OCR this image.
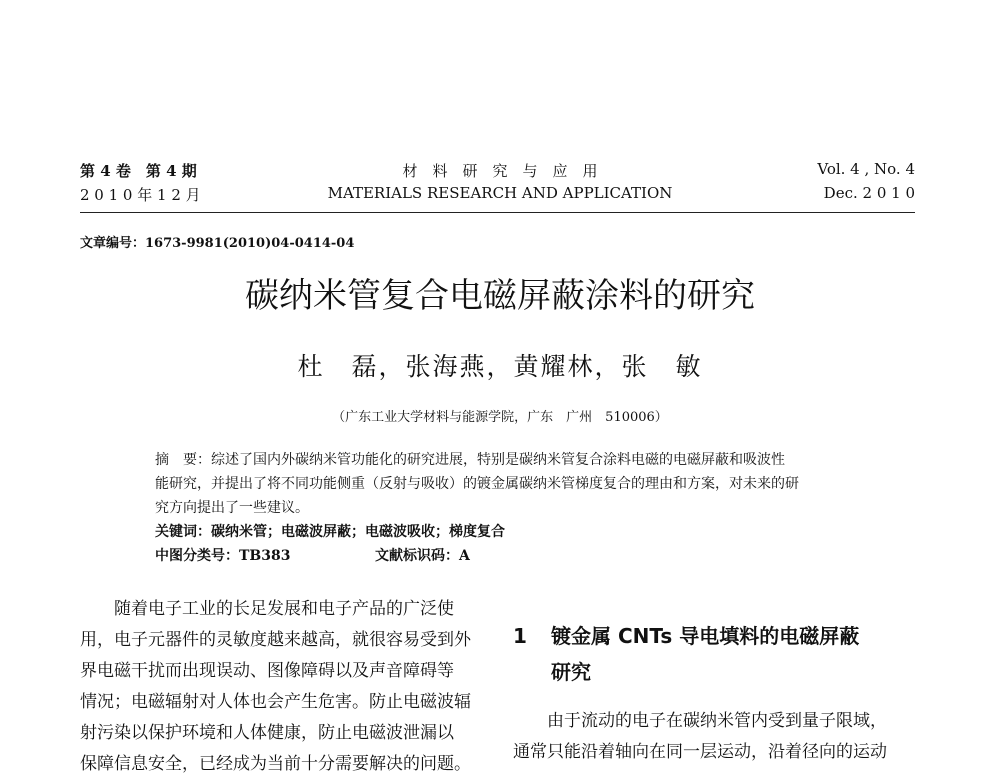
第 4 卷　第 4 期
2 0 1 0 年 1 2 月
材　料　研　究　与　应　用
MATERIALS RESEARCH AND APPLICATION
Vol. 4 , No. 4
Dec. 2 0 1 0
文章编号：1673-9981(2010)04-0414-04
碳纳米管复合电磁屏蔽涂料的研究
杜　磊，张海燕，黄耀林，张　敏
（广东工业大学材料与能源学院，广东　广州　510006）
摘　要：综述了国内外碳纳米管功能化的研究进展，特别是碳纳米管复合涂料电磁的电磁屏蔽和吸波性
能研究，并提出了将不同功能侧重（反射与吸收）的镀金属碳纳米管梯度复合的理由和方案，对未来的研
究方向提出了一些建议。
关键词：碳纳米管；电磁波屏蔽；电磁波吸收；梯度复合
中图分类号：TB383	文献标识码：A
随着电子工业的长足发展和电子产品的广泛使
用，电子元器件的灵敏度越来越高，就很容易受到外
界电磁干扰而出现误动、图像障碍以及声音障碍等
情况；电磁辐射对人体也会产生危害。防止电磁波辐
射污染以保护环境和人体健康，防止电磁波泄漏以
保障信息安全，已经成为当前十分需要解决的问题。
1 镀金属 CNTs 导电填料的电磁屏蔽
研究
由于流动的电子在碳纳米管内受到量子限域，
通常只能沿着轴向在同一层运动，沿着径向的运动
